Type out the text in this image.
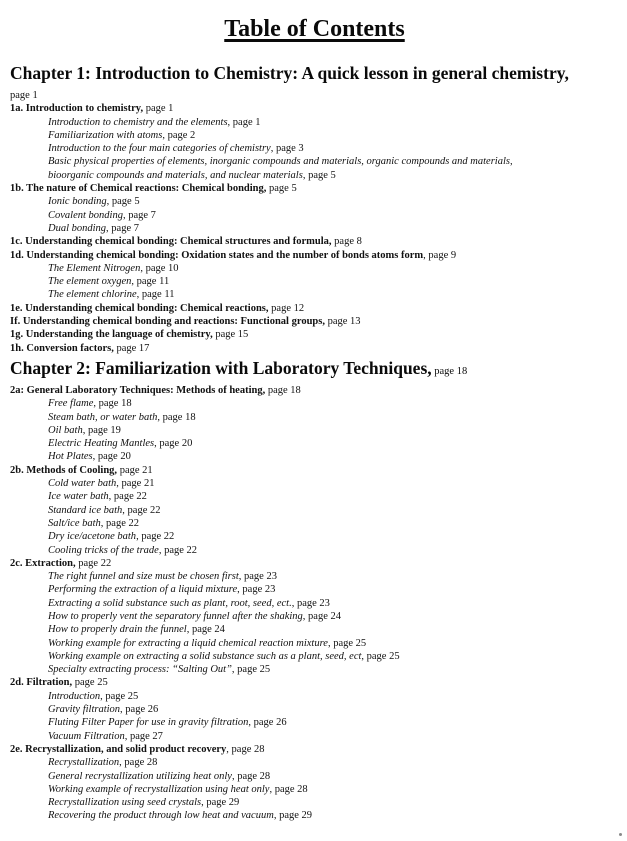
Table of Contents
Chapter 1: Introduction to Chemistry: A quick lesson in general chemistry,
page 1
1a. Introduction to chemistry, page 1
Introduction to chemistry and the elements, page 1
Familiarization with atoms, page 2
Introduction to the four main categories of chemistry, page 3
Basic physical properties of elements, inorganic compounds and materials, organic compounds and materials, bioorganic compounds and materials, and nuclear materials, page 5
1b. The nature of Chemical reactions: Chemical bonding, page 5
Ionic bonding, page 5
Covalent bonding, page 7
Dual bonding, page 7
1c. Understanding chemical bonding: Chemical structures and formula, page 8
1d. Understanding chemical bonding: Oxidation states and the number of bonds atoms form, page 9
The Element Nitrogen, page 10
The element oxygen, page 11
The element chlorine, page 11
1e. Understanding chemical bonding: Chemical reactions, page 12
If. Understanding chemical bonding and reactions: Functional groups, page 13
1g. Understanding the language of chemistry, page 15
1h. Conversion factors, page 17
Chapter 2: Familiarization with Laboratory Techniques, page 18
2a: General Laboratory Techniques: Methods of heating, page 18
Free flame, page 18
Steam bath, or water bath, page 18
Oil bath, page 19
Electric Heating Mantles, page 20
Hot Plates, page 20
2b. Methods of Cooling, page 21
Cold water bath, page 21
Ice water bath, page 22
Standard ice bath, page 22
Salt/ice bath, page 22
Dry ice/acetone bath, page 22
Cooling tricks of the trade, page 22
2c. Extraction, page 22
The right funnel and size must be chosen first, page 23
Performing the extraction of a liquid mixture, page 23
Extracting a solid substance such as plant, root, seed, ect., page 23
How to properly vent the separatory funnel after the shaking, page 24
How to properly drain the funnel, page 24
Working example for extracting a liquid chemical reaction mixture, page 25
Working example on extracting a solid substance such as a plant, seed, ect, page 25
Specialty extracting process: “Salting Out”, page 25
2d. Filtration, page 25
Introduction, page 25
Gravity filtration, page 26
Fluting Filter Paper for use in gravity filtration, page 26
Vacuum Filtration, page 27
2e. Recrystallization, and solid product recovery, page 28
Recrystallization, page 28
General recrystallization utilizing heat only, page 28
Working example of recrystallization using heat only, page 28
Recrystallization using seed crystals, page 29
Recovering the product through low heat and vacuum, page 29
